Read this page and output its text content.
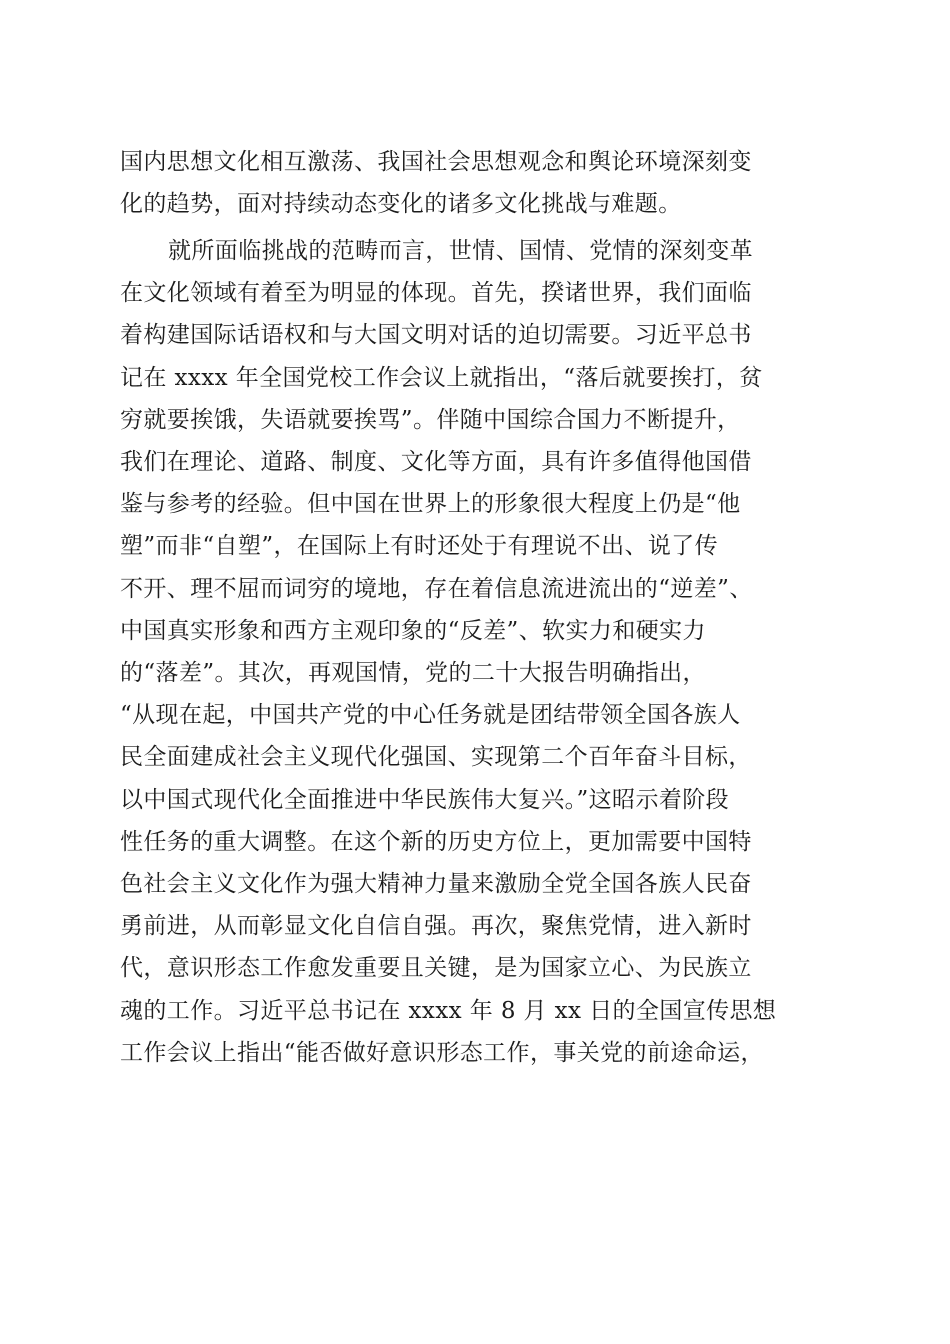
国内思想文化相互激荡、我国社会思想观念和舆论环境深刻变
化的趋势，面对持续动态变化的诸多文化挑战与难题。
就所面临挑战的范畴而言，世情、国情、党情的深刻变革
在文化领域有着至为明显的体现。首先，揆诸世界，我们面临
着构建国际话语权和与大国文明对话的迫切需要。习近平总书
记在 xxxx 年全国党校工作会议上就指出，“落后就要挨打，贫
穷就要挨饿，失语就要挨骂”。伴随中国综合国力不断提升，
我们在理论、道路、制度、文化等方面，具有许多值得他国借
鉴与参考的经验。但中国在世界上的形象很大程度上仍是“他
塑”而非“自塑”，在国际上有时还处于有理说不出、说了传
不开、理不屈而词穷的境地，存在着信息流进流出的“逆差”、
中国真实形象和西方主观印象的“反差”、软实力和硬实力
的“落差”。其次，再观国情，党的二十大报告明确指出，
“从现在起，中国共产党的中心任务就是团结带领全国各族人
民全面建成社会主义现代化强国、实现第二个百年奋斗目标，
以中国式现代化全面推进中华民族伟大复兴。”这昭示着阶段
性任务的重大调整。在这个新的历史方位上，更加需要中国特
色社会主义文化作为强大精神力量来激励全党全国各族人民奋
勇前进，从而彰显文化自信自强。再次，聚焦党情，进入新时
代，意识形态工作愈发重要且关键，是为国家立心、为民族立
魂的工作。习近平总书记在 xxxx 年 8 月 xx 日的全国宣传思想
工作会议上指出“能否做好意识形态工作，事关党的前途命运，
